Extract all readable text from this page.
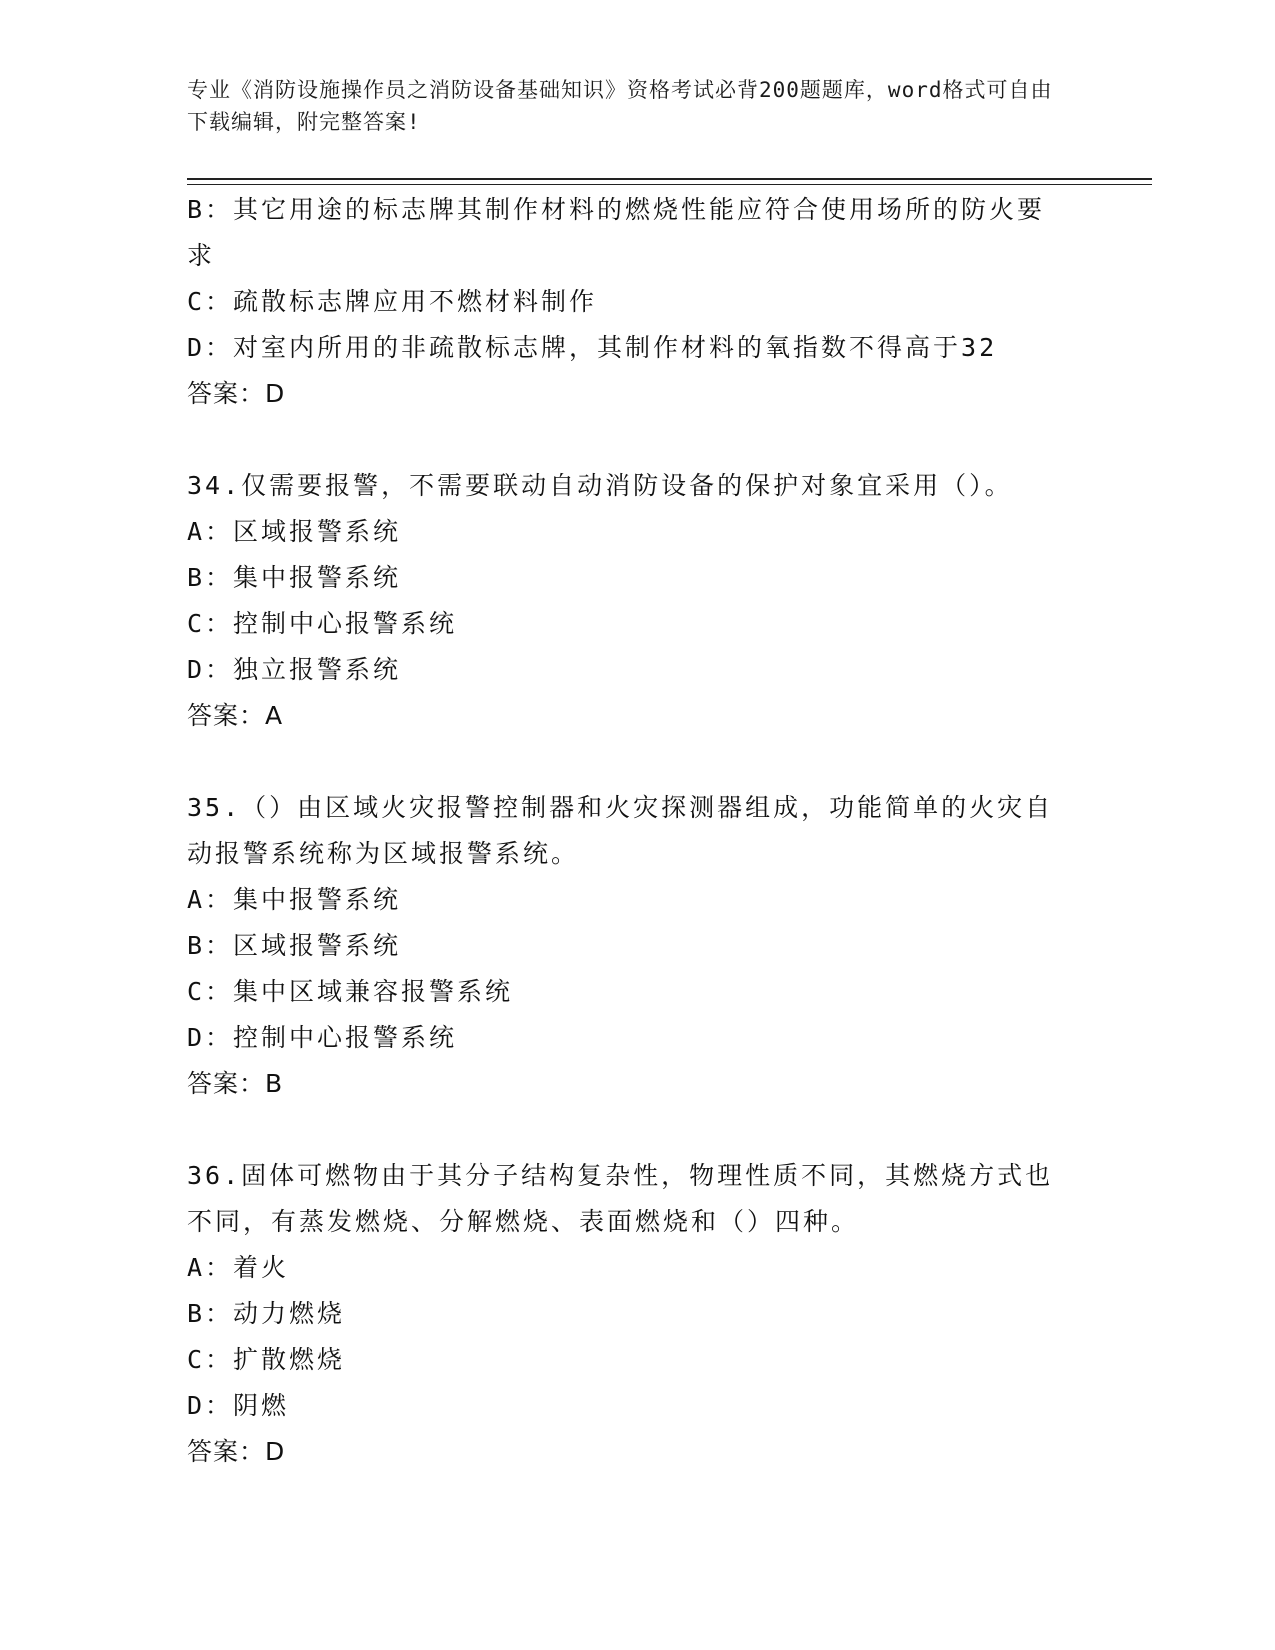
专业《消防设施操作员之消防设备基础知识》资格考试必背200题题库，word格式可自由下载编辑，附完整答案!

B：其它用途的标志牌其制作材料的燃烧性能应符合使用场所的防火要

求

C：疏散标志牌应用不燃材料制作

D：对室内所用的非疏散标志牌，其制作材料的氧指数不得高于32

答案：D

34.仅需要报警，不需要联动自动消防设备的保护对象宜采用（）。

A：区域报警系统

B：集中报警系统

C：控制中心报警系统

D：独立报警系统

答案：A

35.（）由区域火灾报警控制器和火灾探测器组成，功能简单的火灾自

动报警系统称为区域报警系统。

A：集中报警系统

B：区域报警系统

C：集中区域兼容报警系统

D：控制中心报警系统

答案：B

36.固体可燃物由于其分子结构复杂性，物理性质不同，其燃烧方式也

不同，有蒸发燃烧、分解燃烧、表面燃烧和（）四种。

A：着火

B：动力燃烧

C：扩散燃烧

D：阴燃

答案：D
